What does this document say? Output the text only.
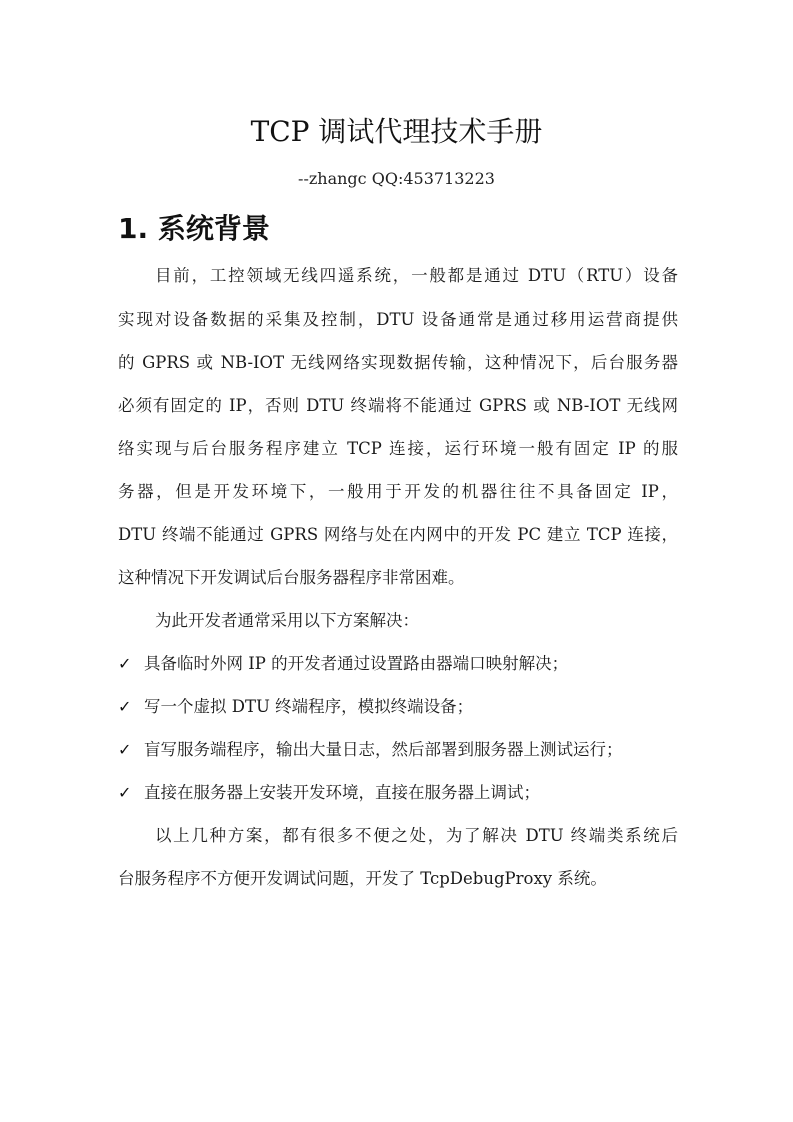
TCP 调试代理技术手册
--zhangc QQ:453713223
1. 系统背景
目前，工控领域无线四遥系统，一般都是通过 DTU（RTU）设备
实现对设备数据的采集及控制，DTU 设备通常是通过移用运营商提供
的 GPRS 或 NB-IOT 无线网络实现数据传输，这种情况下，后台服务器
必须有固定的 IP，否则 DTU 终端将不能通过 GPRS 或 NB-IOT 无线网
络实现与后台服务程序建立 TCP 连接，运行环境一般有固定 IP 的服
务器，但是开发环境下，一般用于开发的机器往往不具备固定 IP，
DTU 终端不能通过 GPRS 网络与处在内网中的开发 PC 建立 TCP 连接，
这种情况下开发调试后台服务器程序非常困难。
为此开发者通常采用以下方案解决：
✓ 具备临时外网 IP 的开发者通过设置路由器端口映射解决；
✓ 写一个虚拟 DTU 终端程序，模拟终端设备；
✓ 盲写服务端程序，输出大量日志，然后部署到服务器上测试运行；
✓ 直接在服务器上安装开发环境，直接在服务器上调试；
以上几种方案，都有很多不便之处，为了解决 DTU 终端类系统后
台服务程序不方便开发调试问题，开发了 TcpDebugProxy 系统。
